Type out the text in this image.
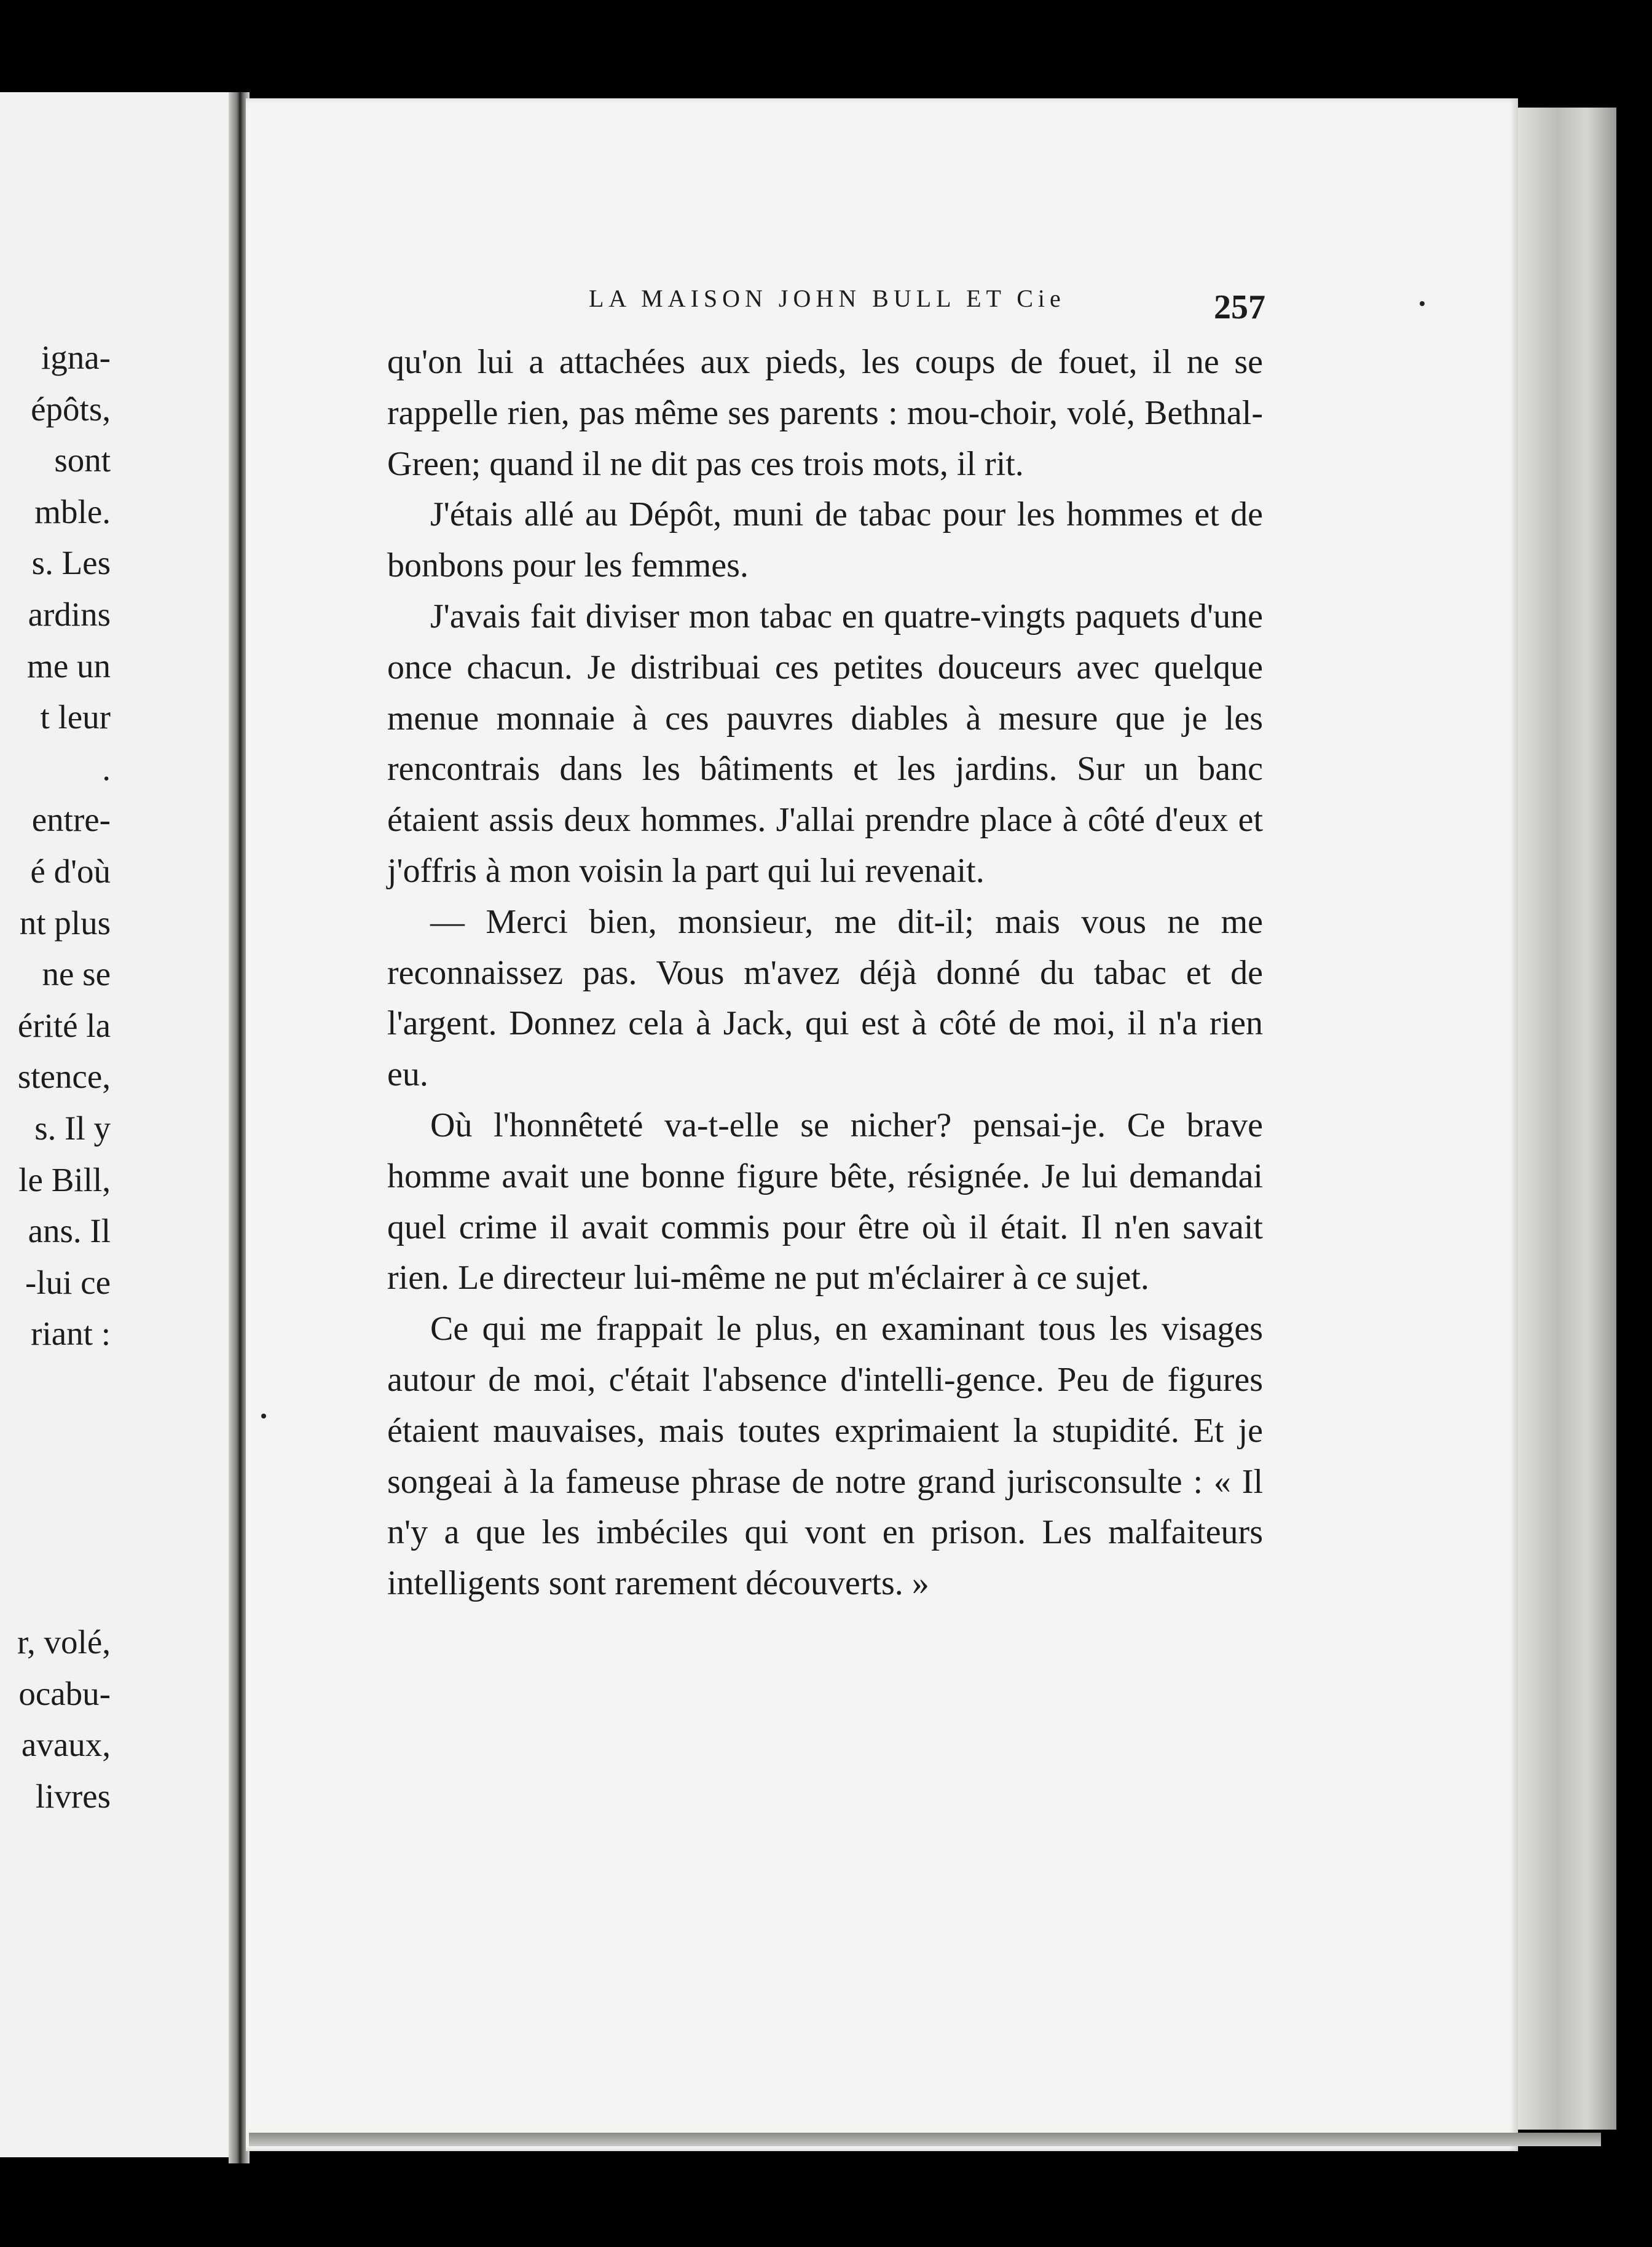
igna-
épôts,
sont
mble.
s. Les
ardins
me un
t leur
.
entre-
é d'où
nt plus
ne se
érité la
stence,
s. Il y
le Bill,
ans. Il
-lui ce
riant :
r, volé,
ocabu-
avaux,
livres
LA MAISON JOHN BULL ET Cie	257

qu'on lui a attachées aux pieds, les coups de fouet, il ne se rappelle rien, pas même ses parents : mou-choir, volé, Bethnal-Green; quand il ne dit pas ces trois mots, il rit.

J'étais allé au Dépôt, muni de tabac pour les hommes et de bonbons pour les femmes.

J'avais fait diviser mon tabac en quatre-vingts paquets d'une once chacun. Je distribuai ces petites douceurs avec quelque menue monnaie à ces pauvres diables à mesure que je les rencontrais dans les bâtiments et les jardins. Sur un banc étaient assis deux hommes. J'allai prendre place à côté d'eux et j'offris à mon voisin la part qui lui revenait.

— Merci bien, monsieur, me dit-il; mais vous ne me reconnaissez pas. Vous m'avez déjà donné du tabac et de l'argent. Donnez cela à Jack, qui est à côté de moi, il n'a rien eu.

Où l'honnêteté va-t-elle se nicher? pensai-je. Ce brave homme avait une bonne figure bête, résignée. Je lui demandai quel crime il avait commis pour être où il était. Il n'en savait rien. Le directeur lui-même ne put m'éclairer à ce sujet.

Ce qui me frappait le plus, en examinant tous les visages autour de moi, c'était l'absence d'intelli-gence. Peu de figures étaient mauvaises, mais toutes exprimaient la stupidité. Et je songeai à la fameuse phrase de notre grand jurisconsulte : « Il n'y a que les imbéciles qui vont en prison. Les malfaiteurs intelligents sont rarement découverts. »
